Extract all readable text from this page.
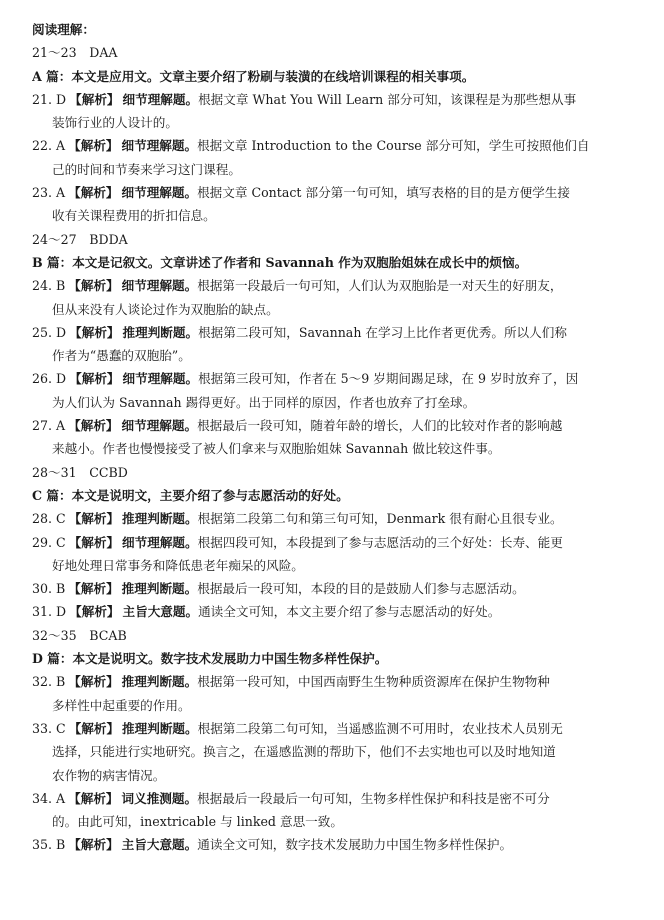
阅读理解：
21～23　DAA
A 篇：本文是应用文。文章主要介绍了粉刷与装潢的在线培训课程的相关事项。
21. D 【解析】 细节理解题。根据文章 What You Will Learn 部分可知，该课程是为那些想从事
装饰行业的人设计的。
22. A 【解析】 细节理解题。根据文章 Introduction to the Course 部分可知，学生可按照他们自
己的时间和节奏来学习这门课程。
23. A 【解析】 细节理解题。根据文章 Contact 部分第一句可知，填写表格的目的是方便学生接
收有关课程费用的折扣信息。
24～27　BDDA
B 篇：本文是记叙文。文章讲述了作者和 Savannah 作为双胞胎姐妹在成长中的烦恼。
24. B 【解析】 细节理解题。根据第一段最后一句可知，人们认为双胞胎是一对天生的好朋友，
但从来没有人谈论过作为双胞胎的缺点。
25. D 【解析】 推理判断题。根据第二段可知，Savannah 在学习上比作者更优秀。所以人们称
作者为“愚蠢的双胞胎”。
26. D 【解析】 细节理解题。根据第三段可知，作者在 5～9 岁期间踢足球，在 9 岁时放弃了，因
为人们认为 Savannah 踢得更好。出于同样的原因，作者也放弃了打垒球。
27. A 【解析】 细节理解题。根据最后一段可知，随着年龄的增长，人们的比较对作者的影响越
来越小。作者也慢慢接受了被人们拿来与双胞胎姐妹 Savannah 做比较这件事。
28～31　CCBD
C 篇：本文是说明文，主要介绍了参与志愿活动的好处。
28. C 【解析】 推理判断题。根据第二段第二句和第三句可知，Denmark 很有耐心且很专业。
29. C 【解析】 细节理解题。根据四段可知，本段提到了参与志愿活动的三个好处：长寿、能更
好地处理日常事务和降低患老年痴呆的风险。
30. B 【解析】 推理判断题。根据最后一段可知，本段的目的是鼓励人们参与志愿活动。
31. D 【解析】 主旨大意题。通读全文可知，本文主要介绍了参与志愿活动的好处。
32～35　BCAB
D 篇：本文是说明文。数字技术发展助力中国生物多样性保护。
32. B 【解析】 推理判断题。根据第一段可知，中国西南野生生物种质资源库在保护生物物种
多样性中起重要的作用。
33. C 【解析】 推理判断题。根据第二段第二句可知，当遥感监测不可用时，农业技术人员别无
选择，只能进行实地研究。换言之，在遥感监测的帮助下，他们不去实地也可以及时地知道
农作物的病害情况。
34. A 【解析】 词义推测题。根据最后一段最后一句可知，生物多样性保护和科技是密不可分
的。由此可知，inextricable 与 linked 意思一致。
35. B 【解析】 主旨大意题。通读全文可知，数字技术发展助力中国生物多样性保护。
